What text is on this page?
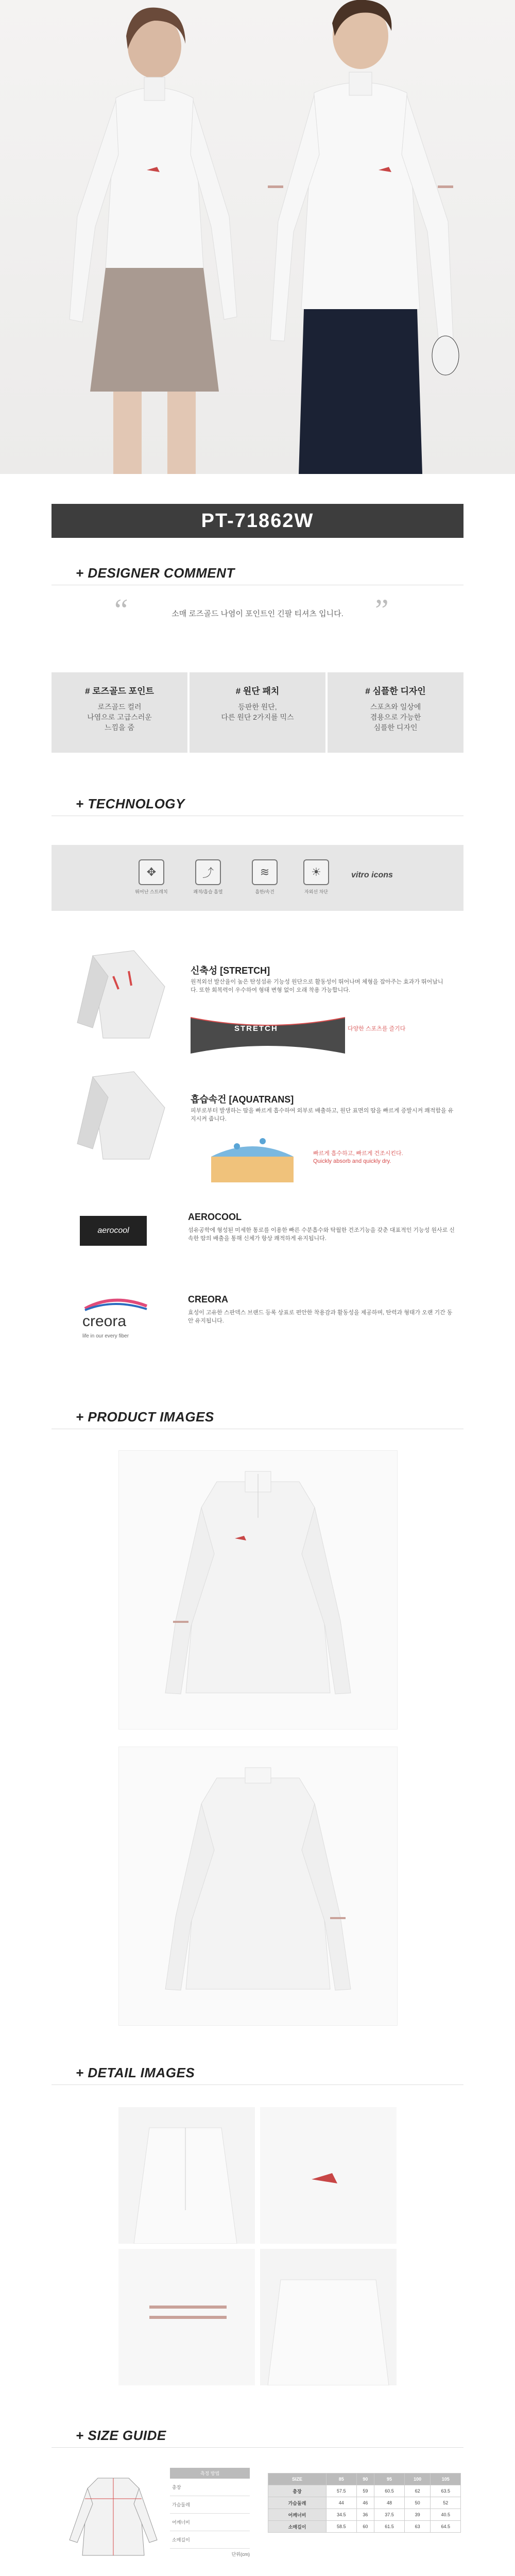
PT-71862W
+ DESIGNER COMMENT
“	”
소매 로즈골드 나염이 포인트인 긴팔 티셔츠 입니다.
# 로즈골드 포인트
로즈골드 컬러
나염으로 고급스러운
느낌을 줌
# 원단 패치
등판한 원단,
다른 원단 2가지를 믹스
# 심플한 디자인
스포츠와 일상에
겸용으로 가능한
심플한 디자인
+ TECHNOLOGY
✥
뛰어난 스트레치
⤴
쾌적/흡습 흡열
≋
흡한/속건
☀
자외선 차단
vitro icons
신축성 [STRETCH]
원적외선 발산율이 높은 탄성섬유 기능성 원단으로 활동성이 뛰어나며 체형을 잡아주는 효과가 뛰어납니다. 또한 회복력이 우수하여 형태 변형 없이 오래 착용 가능합니다.
STRETCH	다양한 스포츠를 즐기다
흡습속건 [AQUATRANS]
피부로부터 발생하는 땀을 빠르게 흡수하여 외부로 배출하고, 원단 표면의 땀을 빠르게 증발시켜 쾌적함을 유지시켜 줍니다.
빠르게 흡수하고, 빠르게 건조시킨다.
Quickly absorb and quickly dry.
aerocool
AEROCOOL
섬유공학에 형성된 미세한 통로를 이용한 빠른 수분흡수와 탁월한 건조기능을 갖춘 대표적인 기능성 원사로 신속한 땀의 배출을 통해 신체가 항상 쾌적하게 유지됩니다.
creora
life in our every fiber
CREORA
효성이 고유한 스판덱스 브랜드 등록 상표로 편안한 착용감과 활동성을 제공하며, 탄력과 형태가 오랜 기간 동안 유지됩니다.
+ PRODUCT IMAGES
+ DETAIL IMAGES
+ SIZE GUIDE
측정 방법
총장
가슴둘레
어깨너비
소매길이
단위(cm)
SIZE	85	90	95	100	105
총장	57.5	59	60.5	62	63.5
가슴둘레	44	46	48	50	52
어깨너비	34.5	36	37.5	39	40.5
소매길이	58.5	60	61.5	63	64.5
